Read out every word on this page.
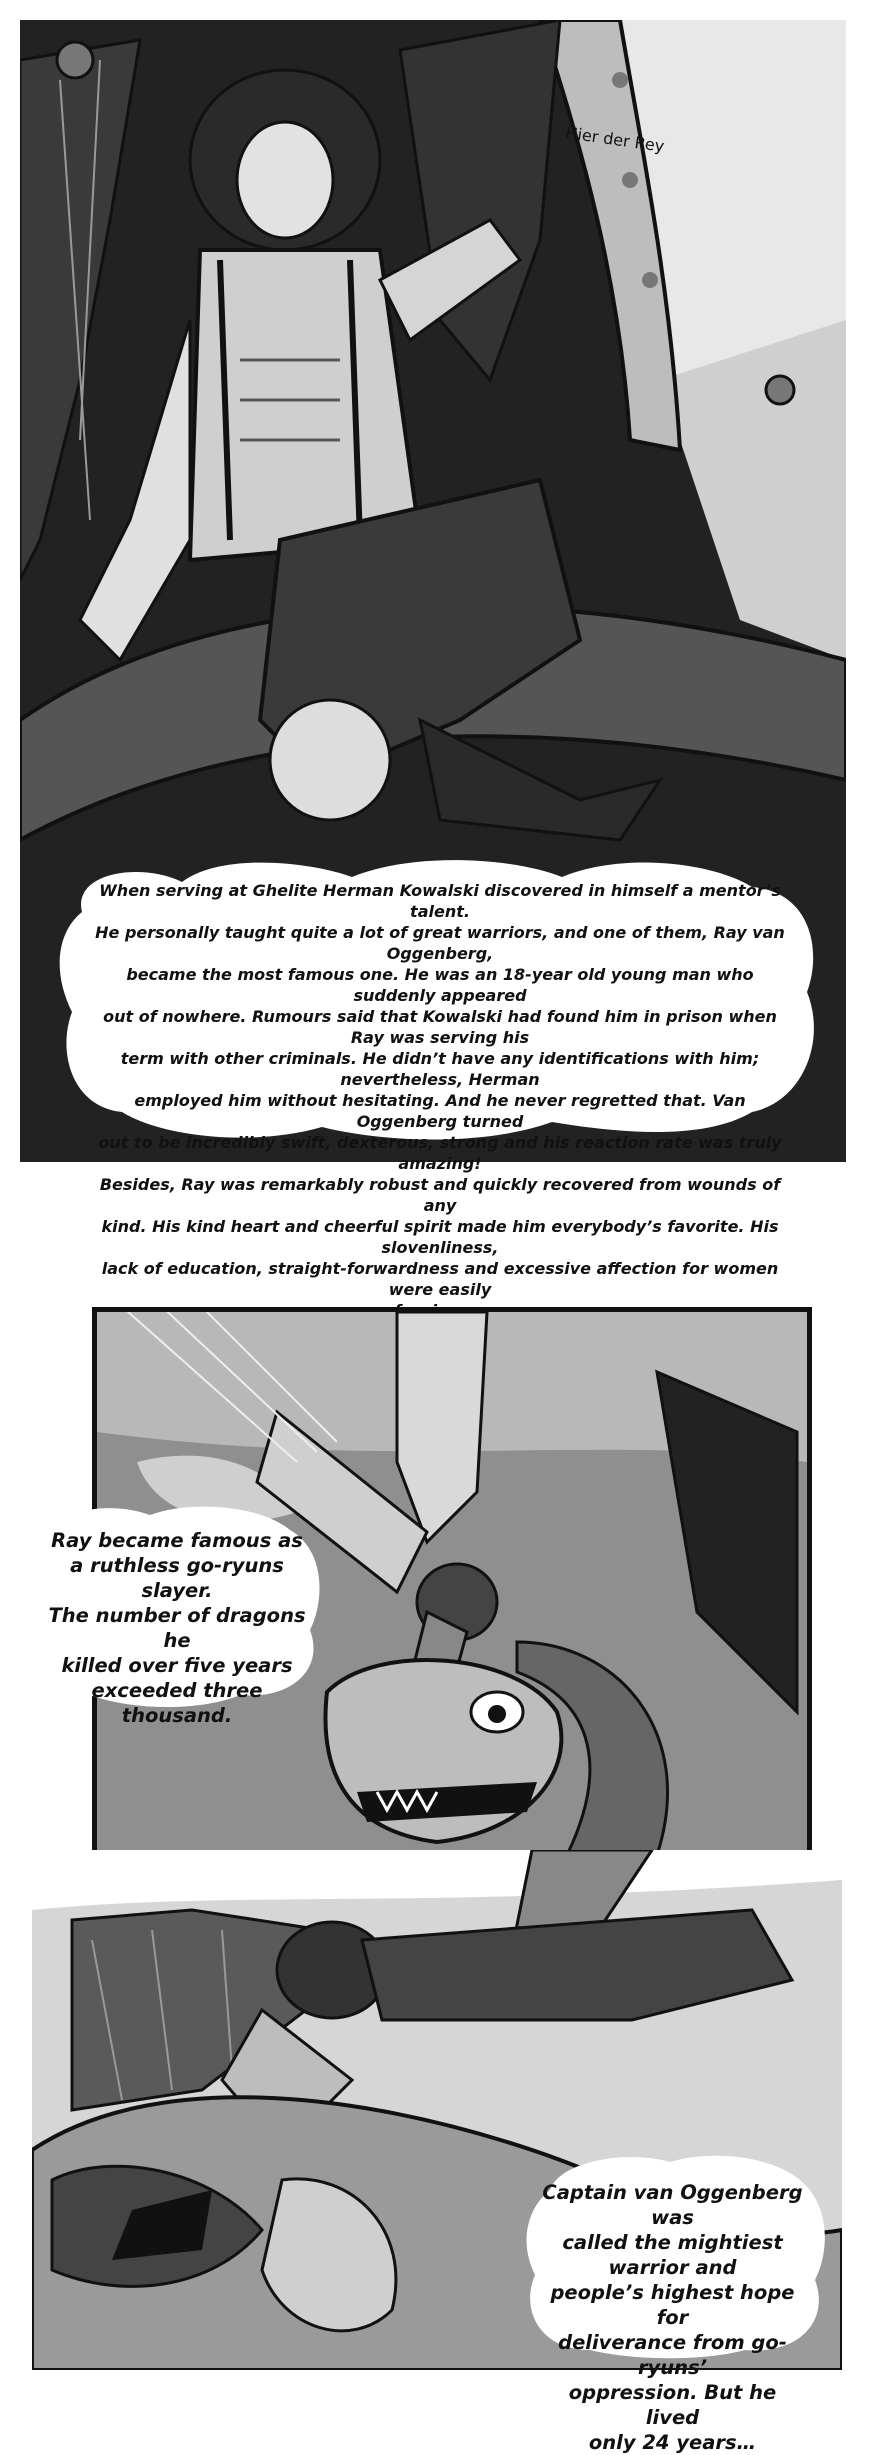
Hier der Rey

When serving at Ghelite Herman Kowalski discovered in himself a mentor’s talent.

He personally taught quite a lot of great warriors, and one of them, Ray van Oggenberg,

became the most famous one. He was an 18-year old young man who suddenly appeared

out of nowhere. Rumours said that Kowalski had found him in prison when Ray was serving his

term with other criminals. He didn’t have any identifications with him; nevertheless, Herman

employed him without hesitating. And he never regretted that. Van Oggenberg turned

out to be incredibly swift, dexterous, strong and his reaction rate was truly amazing!

Besides, Ray was remarkably robust and quickly recovered from wounds of any

kind. His kind heart and cheerful spirit made him everybody’s favorite. His slovenliness,

lack of education, straight-forwardness and excessive affection for women were easily

Ray became famous as

a ruthless go-ryuns slayer.

The number of dragons he

killed over five years

exceeded three thousand.

Captain van Oggenberg was

called the mightiest warrior and

people’s highest hope for

deliverance from go-ryuns’

oppression. But he lived

only 24 years…
